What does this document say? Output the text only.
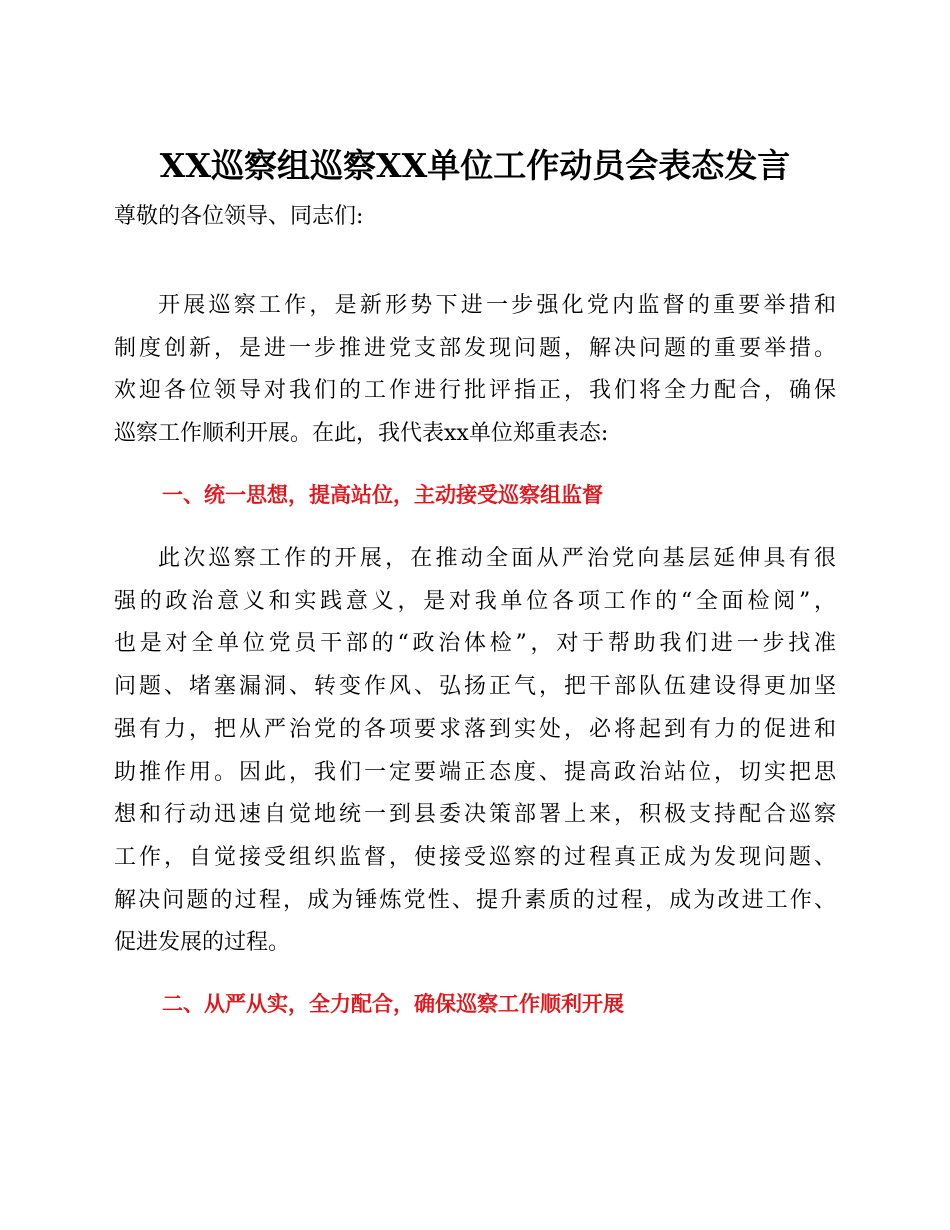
XX巡察组巡察XX单位工作动员会表态发言
尊敬的各位领导、同志们:
开展巡察工作，是新形势下进一步强化党内监督的重要举措和
制度创新，是进一步推进党支部发现问题，解决问题的重要举措。
欢迎各位领导对我们的工作进行批评指正，我们将全力配合，确保
巡察工作顺利开展。在此，我代表xx单位郑重表态:
一、统一思想，提高站位，主动接受巡察组监督
此次巡察工作的开展，在推动全面从严治党向基层延伸具有很
强的政治意义和实践意义，是对我单位各项工作的“全面检阅”，
也是对全单位党员干部的“政治体检”，对于帮助我们进一步找准
问题、堵塞漏洞、转变作风、弘扬正气，把干部队伍建设得更加坚
强有力，把从严治党的各项要求落到实处，必将起到有力的促进和
助推作用。因此，我们一定要端正态度、提高政治站位，切实把思
想和行动迅速自觉地统一到县委决策部署上来，积极支持配合巡察
工作，自觉接受组织监督，使接受巡察的过程真正成为发现问题、
解决问题的过程，成为锤炼党性、提升素质的过程，成为改进工作、
促进发展的过程。
二、从严从实，全力配合，确保巡察工作顺利开展
